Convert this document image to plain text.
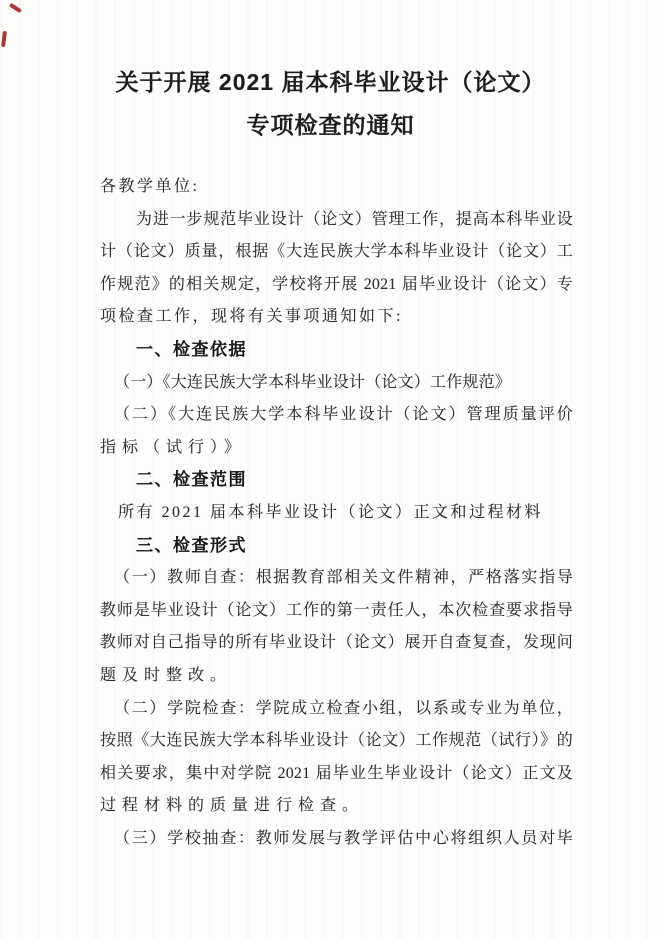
关于开展 2021 届本科毕业设计（论文）
专项检查的通知
各教学单位:
为进一步规范毕业设计（论文）管理工作，提高本科毕业设
计（论文）质量，根据《大连民族大学本科毕业设计（论文）工
作规范》的相关规定，学校将开展 2021 届毕业设计（论文）专
项检查工作，现将有关事项通知如下:
一、检查依据
（一）《大连民族大学本科毕业设计（论文）工作规范》
（二）《大连民族大学本科毕业设计（论文）管理质量评价
指标（试行）》
二、检查范围
所有 2021 届本科毕业设计（论文）正文和过程材料
三、检查形式
（一）教师自查：根据教育部相关文件精神，严格落实指导
教师是毕业设计（论文）工作的第一责任人，本次检查要求指导
教师对自己指导的所有毕业设计（论文）展开自查复查，发现问
题及时整改。
（二）学院检查：学院成立检查小组，以系或专业为单位，
按照《大连民族大学本科毕业设计（论文）工作规范（试行）》的
相关要求，集中对学院 2021 届毕业生毕业设计（论文）正文及
过程材料的质量进行检查。
（三）学校抽查：教师发展与教学评估中心将组织人员对毕
